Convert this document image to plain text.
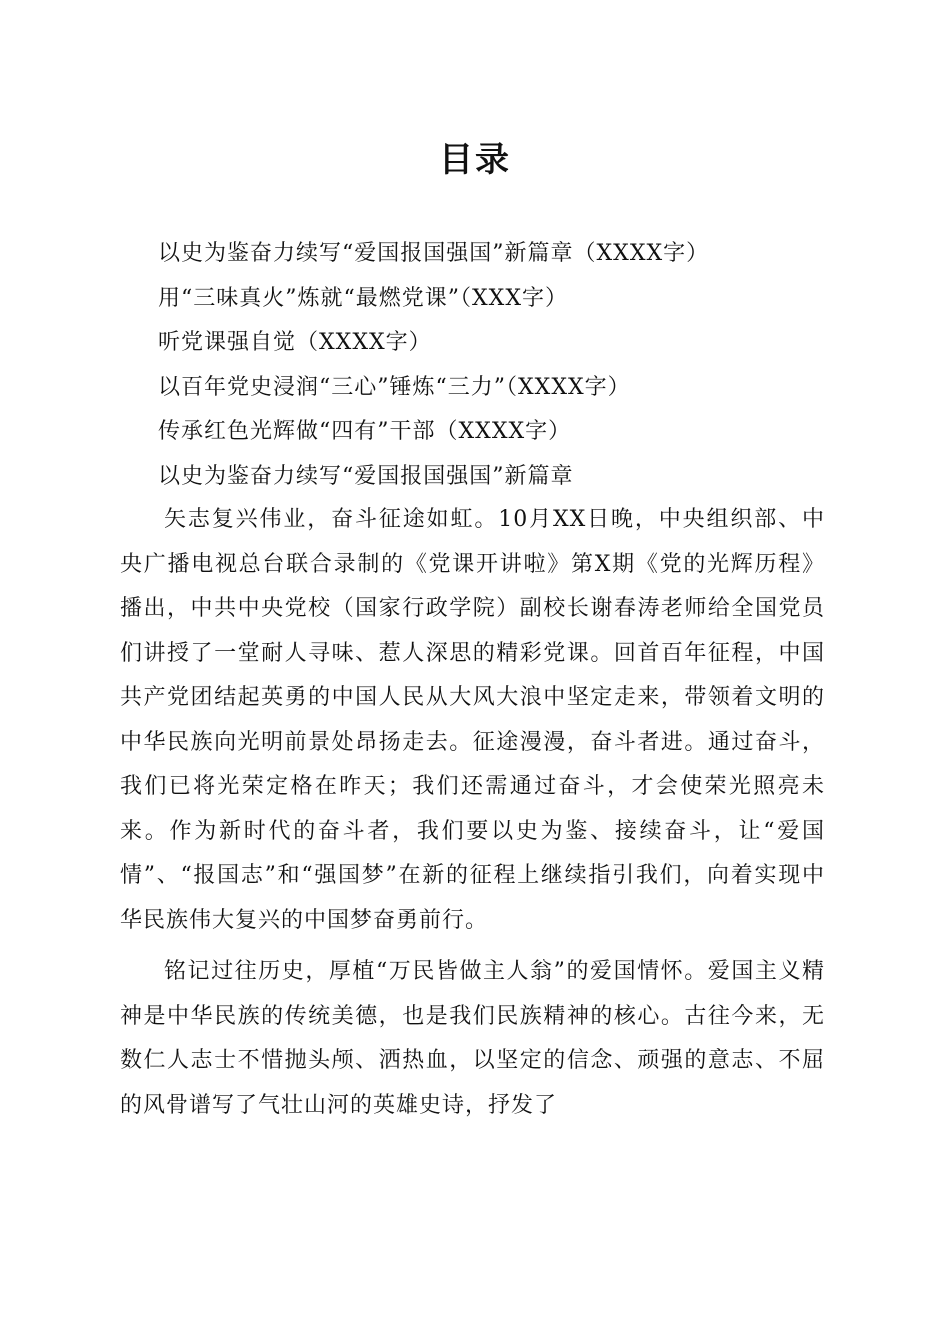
目录
以史为鉴奋力续写“爱国报国强国”新篇章（XXXX字）
用“三味真火”炼就“最燃党课”（XXX字）
听党课强自觉（XXXX字）
以百年党史浸润“三心”锤炼“三力”（XXXX字）
传承红色光辉做“四有”干部（XXXX字）
以史为鉴奋力续写“爱国报国强国”新篇章

矢志复兴伟业，奋斗征途如虹。10月XX日晚，中央组织部、中央广播电视总台联合录制的《党课开讲啦》第X期《党的光辉历程》播出，中共中央党校（国家行政学院）副校长谢春涛老师给全国党员们讲授了一堂耐人寻味、惹人深思的精彩党课。回首百年征程，中国共产党团结起英勇的中国人民从大风大浪中坚定走来，带领着文明的中华民族向光明前景处昂扬走去。征途漫漫，奋斗者进。通过奋斗，我们已将光荣定格在昨天；我们还需通过奋斗，才会使荣光照亮未来。作为新时代的奋斗者，我们要以史为鉴、接续奋斗，让“爱国情”、“报国志”和“强国梦”在新的征程上继续指引我们，向着实现中华民族伟大复兴的中国梦奋勇前行。

铭记过往历史，厚植“万民皆做主人翁”的爱国情怀。爱国主义精神是中华民族的传统美德，也是我们民族精神的核心。古往今来，无数仁人志士不惜抛头颅、洒热血，以坚定的信念、顽强的意志、不屈的风骨谱写了气壮山河的英雄史诗，抒发了
